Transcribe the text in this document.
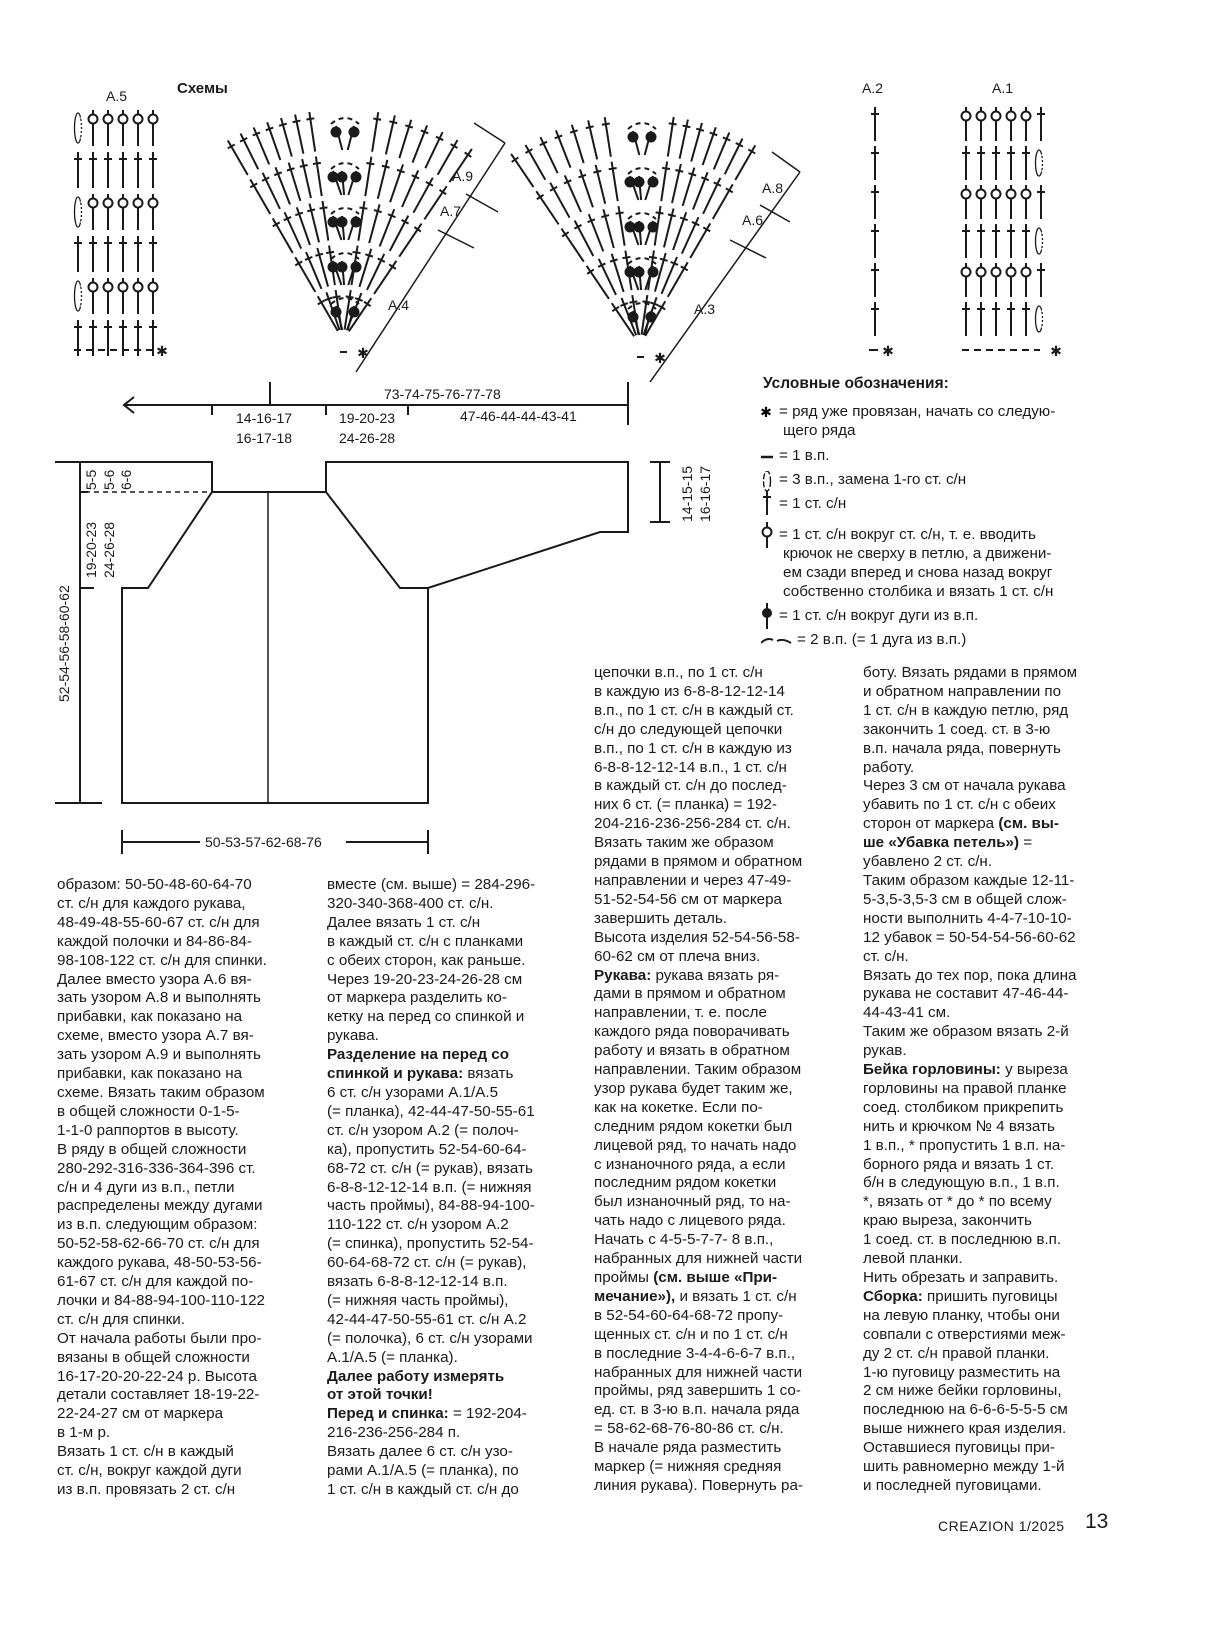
Схемы
A.5
A.9
A.7
A.4
A.8
A.6
A.3
A.2	A.1
✱	✱
✱
✱	✱
73-74-75-76-77-78
14-16-17
16-17-18
19-20-23
24-26-28
47-46-44-44-43-41
5-5 5-6 6-6
19-20-23 24-26-28
52-54-56-58-60-62
14-15-15 16-16-17
50-53-57-62-68-76
Условные обозначения:
✱ = ряд уже провязан, начать со следую-
щего ряда
= 1 в.п.
= 3 в.п., замена 1-го ст. с/н
= 1 ст. с/н
= 1 ст. с/н вокруг ст. с/н, т. е. вводить
крючок не сверху в петлю, а движени-
ем сзади вперед и снова назад вокруг
собственно столбика и вязать 1 ст. с/н
= 1 ст. с/н вокруг дуги из в.п.
= 2 в.п. (= 1 дуга из в.п.)
образом: 50-50-48-60-64-70
ст. с/н для каждого рукава,
48-49-48-55-60-67 ст. с/н для
каждой полочки и 84-86-84-
98-108-122 ст. с/н для спинки.
Далее вместо узора А.6 вя-
зать узором А.8 и выполнять
прибавки, как показано на
схеме, вместо узора А.7 вя-
зать узором А.9 и выполнять
прибавки, как показано на
схеме. Вязать таким образом
в общей сложности 0-1-5-
1-1-0 раппортов в высоту.
В ряду в общей сложности
280-292-316-336-364-396 ст.
с/н и 4 дуги из в.п., петли
распределены между дугами
из в.п. следующим образом:
50-52-58-62-66-70 ст. с/н для
каждого рукава, 48-50-53-56-
61-67 ст. с/н для каждой по-
лочки и 84-88-94-100-110-122
ст. с/н для спинки.
От начала работы были про-
вязаны в общей сложности
16-17-20-20-22-24 р. Высота
детали составляет 18-19-22-
22-24-27 см от маркера
в 1-м р.
Вязать 1 ст. с/н в каждый
ст. с/н, вокруг каждой дуги
из в.п. провязать 2 ст. с/н
вместе (см. выше) = 284-296-
320-340-368-400 ст. с/н.
Далее вязать 1 ст. с/н
в каждый ст. с/н с планками
с обеих сторон, как раньше.
Через 19-20-23-24-26-28 см
от маркера разделить ко-
кетку на перед со спинкой и
рукава.
Разделение на перед со
спинкой и рукава: вязать
6 ст. с/н узорами А.1/А.5
(= планка), 42-44-47-50-55-61
ст. с/н узором А.2 (= полоч-
ка), пропустить 52-54-60-64-
68-72 ст. с/н (= рукав), вязать
6-8-8-12-12-14 в.п. (= нижняя
часть проймы), 84-88-94-100-
110-122 ст. с/н узором А.2
(= спинка), пропустить 52-54-
60-64-68-72 ст. с/н (= рукав),
вязать 6-8-8-12-12-14 в.п.
(= нижняя часть проймы),
42-44-47-50-55-61 ст. с/н А.2
(= полочка), 6 ст. с/н узорами
А.1/А.5 (= планка).
Далее работу измерять
от этой точки!
Перед и спинка: = 192-204-
216-236-256-284 п.
Вязать далее 6 ст. с/н узо-
рами А.1/А.5 (= планка), по
1 ст. с/н в каждый ст. с/н до
цепочки в.п., по 1 ст. с/н
в каждую из 6-8-8-12-12-14
в.п., по 1 ст. с/н в каждый ст.
с/н до следующей цепочки
в.п., по 1 ст. с/н в каждую из
6-8-8-12-12-14 в.п., 1 ст. с/н
в каждый ст. с/н до послед-
них 6 ст. (= планка) = 192-
204-216-236-256-284 ст. с/н.
Вязать таким же образом
рядами в прямом и обратном
направлении и через 47-49-
51-52-54-56 см от маркера
завершить деталь.
Высота изделия 52-54-56-58-
60-62 см от плеча вниз.
Рукава: рукава вязать ря-
дами в прямом и обратном
направлении, т. е. после
каждого ряда поворачивать
работу и вязать в обратном
направлении. Таким образом
узор рукава будет таким же,
как на кокетке. Если по-
следним рядом кокетки был
лицевой ряд, то начать надо
с изнаночного ряда, а если
последним рядом кокетки
был изнаночный ряд, то на-
чать надо с лицевого ряда.
Начать с 4-5-5-7-7- 8 в.п.,
набранных для нижней части
проймы (см. выше «При-
мечание»), и вязать 1 ст. с/н
в 52-54-60-64-68-72 пропу-
щенных ст. с/н и по 1 ст. с/н
в последние 3-4-4-6-6-7 в.п.,
набранных для нижней части
проймы, ряд завершить 1 со-
ед. ст. в 3-ю в.п. начала ряда
= 58-62-68-76-80-86 ст. с/н.
В начале ряда разместить
маркер (= нижняя средняя
линия рукава). Повернуть ра-
боту. Вязать рядами в прямом
и обратном направлении по
1 ст. с/н в каждую петлю, ряд
закончить 1 соед. ст. в 3-ю
в.п. начала ряда, повернуть
работу.
Через 3 см от начала рукава
убавить по 1 ст. с/н с обеих
сторон от маркера (см. вы-
ше «Убавка петель») =
убавлено 2 ст. с/н.
Таким образом каждые 12-11-
5-3,5-3,5-3 см в общей слож-
ности выполнить 4-4-7-10-10-
12 убавок = 50-54-54-56-60-62
ст. с/н.
Вязать до тех пор, пока длина
рукава не составит 47-46-44-
44-43-41 см.
Таким же образом вязать 2-й
рукав.
Бейка горловины: у выреза
горловины на правой планке
соед. столбиком прикрепить
нить и крючком № 4 вязать
1 в.п., * пропустить 1 в.п. на-
борного ряда и вязать 1 ст.
б/н в следующую в.п., 1 в.п.
*, вязать от * до * по всему
краю выреза, закончить
1 соед. ст. в последнюю в.п.
левой планки.
Нить обрезать и заправить.
Сборка: пришить пуговицы
на левую планку, чтобы они
совпали с отверстиями меж-
ду 2 ст. с/н правой планки.
1-ю пуговицу разместить на
2 см ниже бейки горловины,
последнюю на 6-6-6-5-5-5 см
выше нижнего края изделия.
Оставшиеся пуговицы при-
шить равномерно между 1-й
и последней пуговицами.
CREAZION 1/2025 13
